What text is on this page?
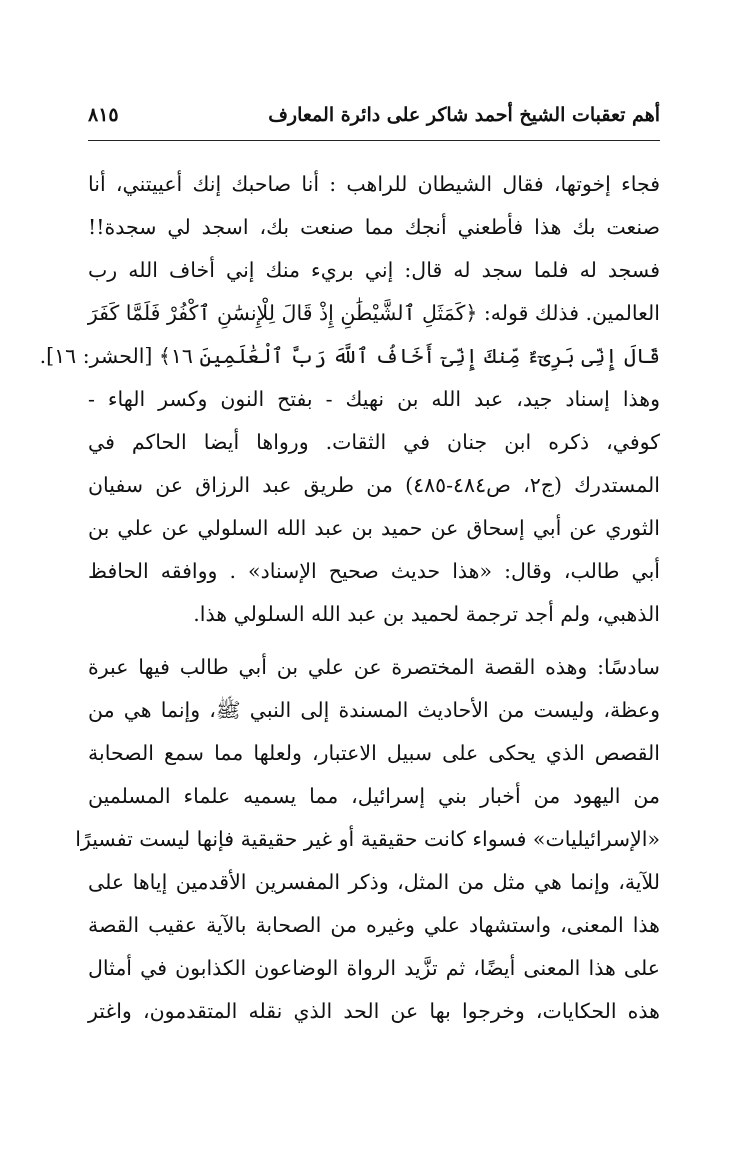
أهم تعقبات الشيخ أحمد شاكر على دائرة المعارف
٨١٥
فجاء إخوتها، فقال الشيطان للراهب : أنا صاحبك إنك أعييتني، أنا
صنعت بك هذا فأطعني أنجك مما صنعت بك، اسجد لي سجدة!!
فسجد له فلما سجد له قال: إني بريء منك إني أخاف الله رب
العالمين. فذلك قوله: ﴿كَمَثَلِ ٱلشَّيْطَٰنِ إِذْ قَالَ لِلْإِنسَٰنِ ٱكْفُرْ فَلَمَّا كَفَرَ
قَالَ إِنِّى بَرِىٓءٌ مِّنكَ إِنِّىٓ أَخَافُ ٱللَّهَ رَبَّ ٱلْعَٰلَمِينَ ١٦﴾ [الحشر: ١٦].
وهذا إسناد جيد، عبد الله بن نهيك - بفتح النون وكسر الهاء -
كوفي، ذكره ابن جنان في الثقات. ورواها أيضا الحاكم في
المستدرك (ج٢، ص٤٨٤-٤٨٥) من طريق عبد الرزاق عن سفيان
الثوري عن أبي إسحاق عن حميد بن عبد الله السلولي عن علي بن
أبي طالب، وقال: «هذا حديث صحيح الإسناد» . ووافقه الحافظ
الذهبي، ولم أجد ترجمة لحميد بن عبد الله السلولي هذا.
سادسًا: وهذه القصة المختصرة عن علي بن أبي طالب فيها عبرة
وعظة، وليست من الأحاديث المسندة إلى النبي ﷺ، وإنما هي من
القصص الذي يحكى على سبيل الاعتبار، ولعلها مما سمع الصحابة
من اليهود من أخبار بني إسرائيل، مما يسميه علماء المسلمين
«الإسرائيليات» فسواء كانت حقيقية أو غير حقيقية فإنها ليست تفسيرًا
للآية، وإنما هي مثل من المثل، وذكر المفسرين الأقدمين إياها على
هذا المعنى، واستشهاد علي وغيره من الصحابة بالآية عقيب القصة
على هذا المعنى أيضًا، ثم تزَّيد الرواة الوضاعون الكذابون في أمثال
هذه الحكايات، وخرجوا بها عن الحد الذي نقله المتقدمون، واغتر
